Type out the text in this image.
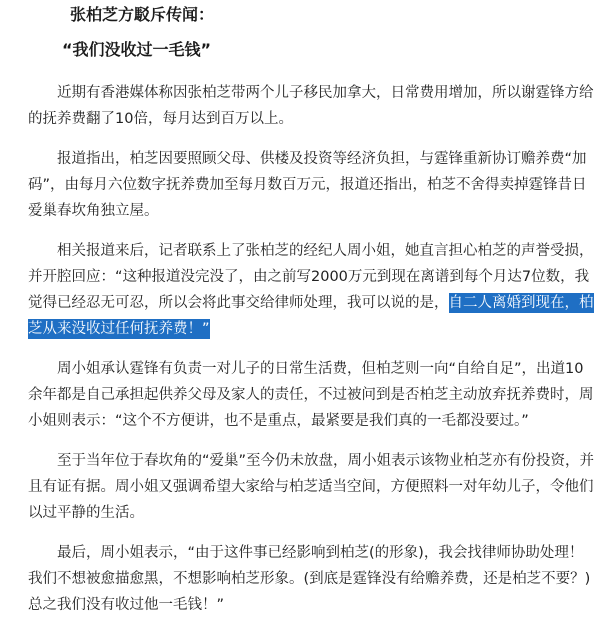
张柏芝方駁斥传闻：
“我们没收过一毛钱”

近期有香港媒体称因张柏芝带两个儿子移民加拿大，日常费用增加，所以谢霆锋方给的抚养费翻了10倍，每月达到百万以上。

报道指出，柏芝因要照顾父母、供楼及投资等经济负担，与霆锋重新协订赡养费“加码”，由每月六位数字抚养费加至每月数百万元，报道还指出，柏芝不舍得卖掉霆锋昔日爱巢春坎角独立屋。

相关报道来后，记者联系上了张柏芝的经纪人周小姐，她直言担心柏芝的声誉受损，并开腔回应：“这种报道没完没了，由之前写2000万元到现在离谱到每个月达7位数，我觉得已经忍无可忍，所以会将此事交给律师处理，我可以说的是，自二人离婚到现在，柏芝从来没收过任何抚养费！”

周小姐承认霆锋有负责一对儿子的日常生活费，但柏芝则一向“自给自足”，出道10余年都是自己承担起供养父母及家人的责任，不过被问到是否柏芝主动放弃抚养费时，周小姐则表示：“这个不方便讲，也不是重点，最紧要是我们真的一毛都没要过。”

至于当年位于春坎角的“爱巢”至今仍未放盘，周小姐表示该物业柏芝亦有份投资，并且有证有据。周小姐又强调希望大家给与柏芝适当空间，方便照料一对年幼儿子，令他们以过平静的生活。

最后，周小姐表示，“由于这件事已经影响到柏芝(的形象)，我会找律师协助处理！我们不想被愈描愈黑，不想影响柏芝形象。(到底是霆锋没有给赡养费，还是柏芝不要？)总之我们没有收过他一毛钱！”
